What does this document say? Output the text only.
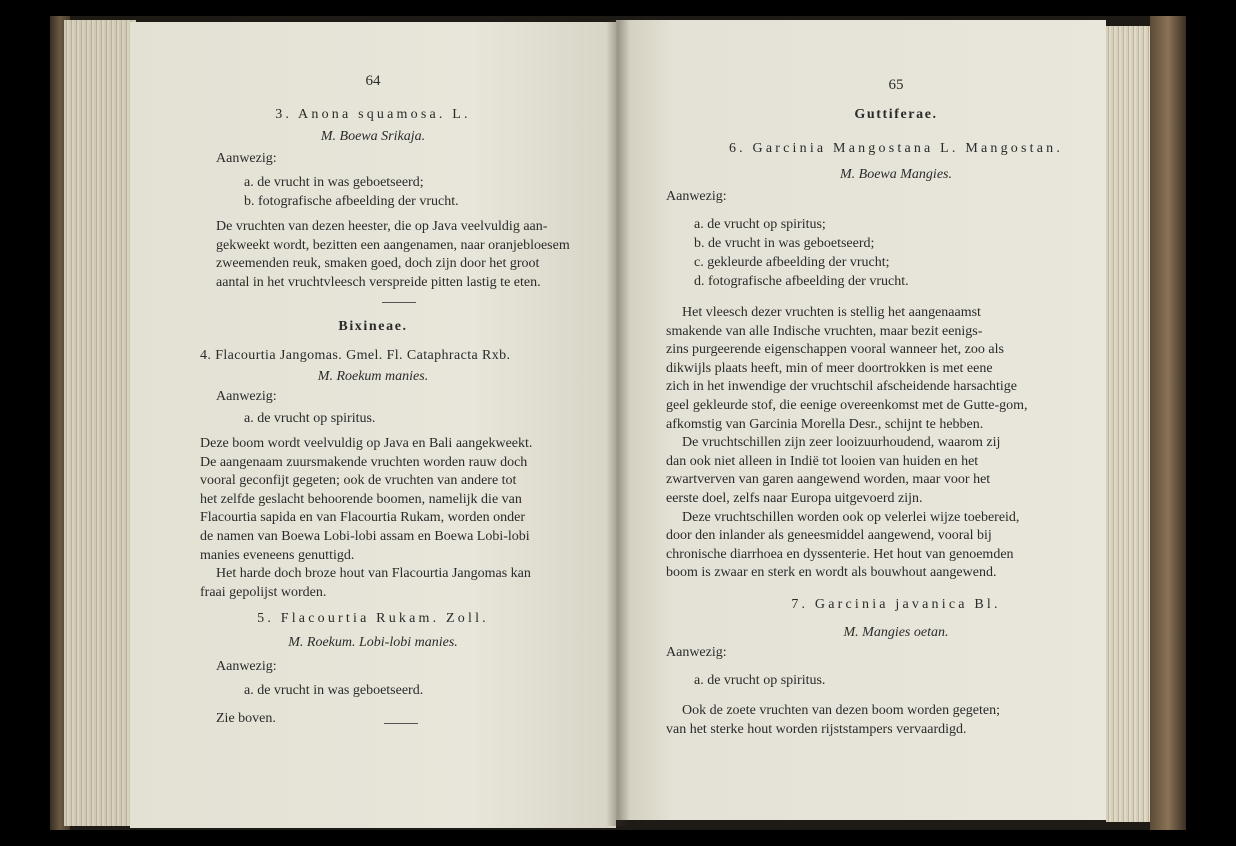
64
3. Anona squamosa. L.
M. Boewa Srikaja.
Aanwezig:
a. de vrucht in was geboetseerd;
b. fotografische afbeelding der vrucht.
De vruchten van dezen heester, die op Java veelvuldig aan-
gekweekt wordt, bezitten een aangenamen, naar oranjebloesem
zweemenden reuk, smaken goed, doch zijn door het groot
aantal in het vruchtvleesch verspreide pitten lastig te eten.
Bixineae.
4. Flacourtia Jangomas. Gmel. Fl. Cataphracta Rxb.
M. Roekum manies.
Aanwezig:
a. de vrucht op spiritus.
Deze boom wordt veelvuldig op Java en Bali aangekweekt.
De aangenaam zuursmakende vruchten worden rauw doch
vooral geconfijt gegeten; ook de vruchten van andere tot
het zelfde geslacht behoorende boomen, namelijk die van
Flacourtia sapida en van Flacourtia Rukam, worden onder
de namen van Boewa Lobi-lobi assam en Boewa Lobi-lobi
manies eveneens genuttigd.
Het harde doch broze hout van Flacourtia Jangomas kan
fraai gepolijst worden.
5. Flacourtia Rukam. Zoll.
M. Roekum. Lobi-lobi manies.
Aanwezig:
a. de vrucht in was geboetseerd.
Zie boven.
65
Guttiferae.
6. Garcinia Mangostana L. Mangostan.
M. Boewa Mangies.
Aanwezig:
a. de vrucht op spiritus;
b. de vrucht in was geboetseerd;
c. gekleurde afbeelding der vrucht;
d. fotografische afbeelding der vrucht.
Het vleesch dezer vruchten is stellig het aangenaamst
smakende van alle Indische vruchten, maar bezit eenigs-
zins purgeerende eigenschappen vooral wanneer het, zoo als
dikwijls plaats heeft, min of meer doortrokken is met eene
zich in het inwendige der vruchtschil afscheidende harsachtige
geel gekleurde stof, die eenige overeenkomst met de Gutte-gom,
afkomstig van Garcinia Morella Desr., schijnt te hebben.
De vruchtschillen zijn zeer looizuurhoudend, waarom zij
dan ook niet alleen in Indië tot looien van huiden en het
zwartverven van garen aangewend worden, maar voor het
eerste doel, zelfs naar Europa uitgevoerd zijn.
Deze vruchtschillen worden ook op velerlei wijze toebereid,
door den inlander als geneesmiddel aangewend, vooral bij
chronische diarrhoea en dyssenterie. Het hout van genoemden
boom is zwaar en sterk en wordt als bouwhout aangewend.
7. Garcinia javanica Bl.
M. Mangies oetan.
Aanwezig:
a. de vrucht op spiritus.
Ook de zoete vruchten van dezen boom worden gegeten;
van het sterke hout worden rijststampers vervaardigd.
